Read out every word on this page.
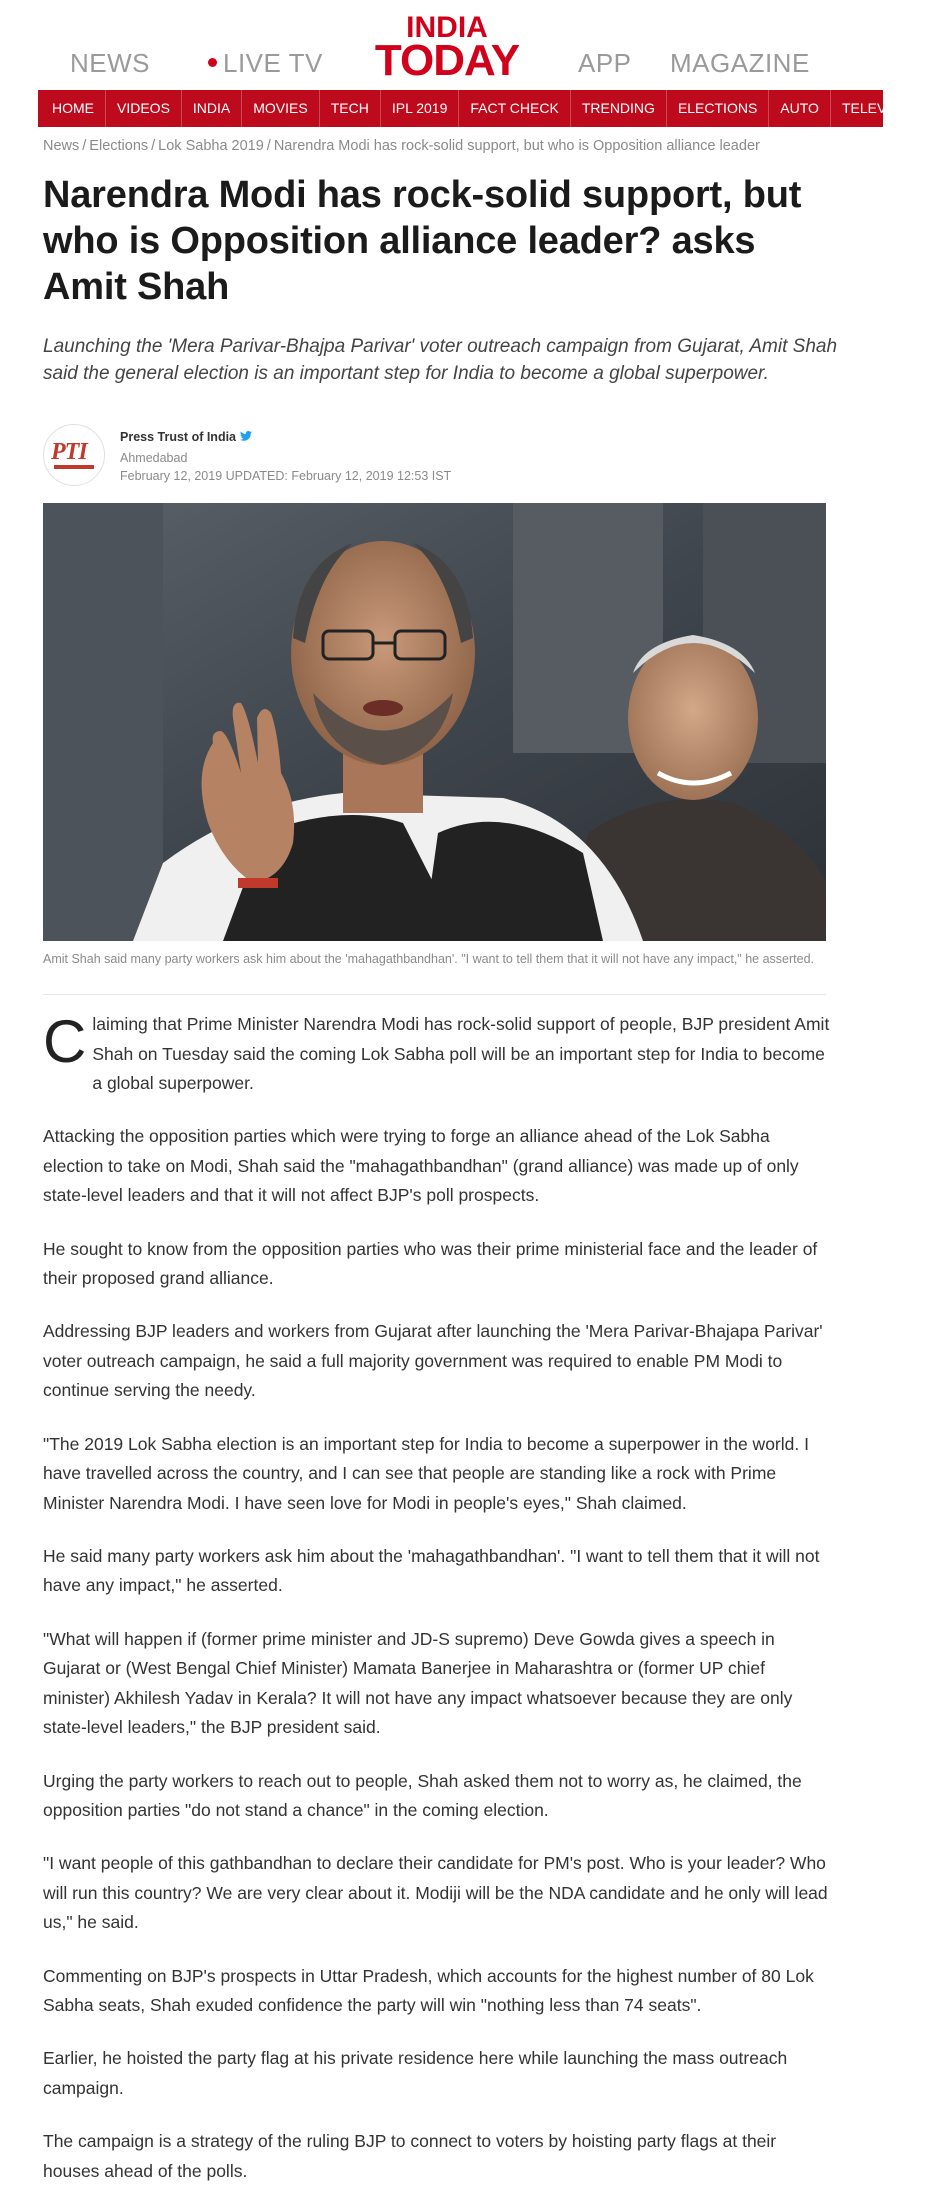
NEWS	LIVE TV
INDIA
TODAY APP MAGAZINE
HOME VIDEOS INDIA MOVIES TECH IPL 2019 FACT CHECK TRENDING ELECTIONS AUTO TELEVISION
News / Elections / Lok Sabha 2019 / Narendra Modi has rock-solid support, but who is Opposition alliance leader
Narendra Modi has rock-solid support, but who is Opposition alliance leader? asks Amit Shah

Launching the 'Mera Parivar-Bhajpa Parivar' voter outreach campaign from Gujarat, Amit Shah said the general election is an important step for India to become a global superpower.

PTI
Press Trust of India
Ahmedabad
February 12, 2019 UPDATED: February 12, 2019 12:53 IST
Amit Shah said many party workers ask him about the 'mahagathbandhan'. "I want to tell them that it will not have any impact," he asserted.

Claiming that Prime Minister Narendra Modi has rock-solid support of people, BJP president Amit Shah on Tuesday said the coming Lok Sabha poll will be an important step for India to become a global superpower.

Attacking the opposition parties which were trying to forge an alliance ahead of the Lok Sabha election to take on Modi, Shah said the "mahagathbandhan" (grand alliance) was made up of only state-level leaders and that it will not affect BJP's poll prospects.

He sought to know from the opposition parties who was their prime ministerial face and the leader of their proposed grand alliance.

Addressing BJP leaders and workers from Gujarat after launching the 'Mera Parivar-Bhajapa Parivar' voter outreach campaign, he said a full majority government was required to enable PM Modi to continue serving the needy.

"The 2019 Lok Sabha election is an important step for India to become a superpower in the world. I have travelled across the country, and I can see that people are standing like a rock with Prime Minister Narendra Modi. I have seen love for Modi in people's eyes," Shah claimed.

He said many party workers ask him about the 'mahagathbandhan'. "I want to tell them that it will not have any impact," he asserted.

"What will happen if (former prime minister and JD-S supremo) Deve Gowda gives a speech in Gujarat or (West Bengal Chief Minister) Mamata Banerjee in Maharashtra or (former UP chief minister) Akhilesh Yadav in Kerala? It will not have any impact whatsoever because they are only state-level leaders," the BJP president said.

Urging the party workers to reach out to people, Shah asked them not to worry as, he claimed, the opposition parties "do not stand a chance" in the coming election.

"I want people of this gathbandhan to declare their candidate for PM's post. Who is your leader? Who will run this country? We are very clear about it. Modiji will be the NDA candidate and he only will lead us," he said.

Commenting on BJP's prospects in Uttar Pradesh, which accounts for the highest number of 80 Lok Sabha seats, Shah exuded confidence the party will win "nothing less than 74 seats".

Earlier, he hoisted the party flag at his private residence here while launching the mass outreach campaign.

The campaign is a strategy of the ruling BJP to connect to voters by hoisting party flags at their houses ahead of the polls.
